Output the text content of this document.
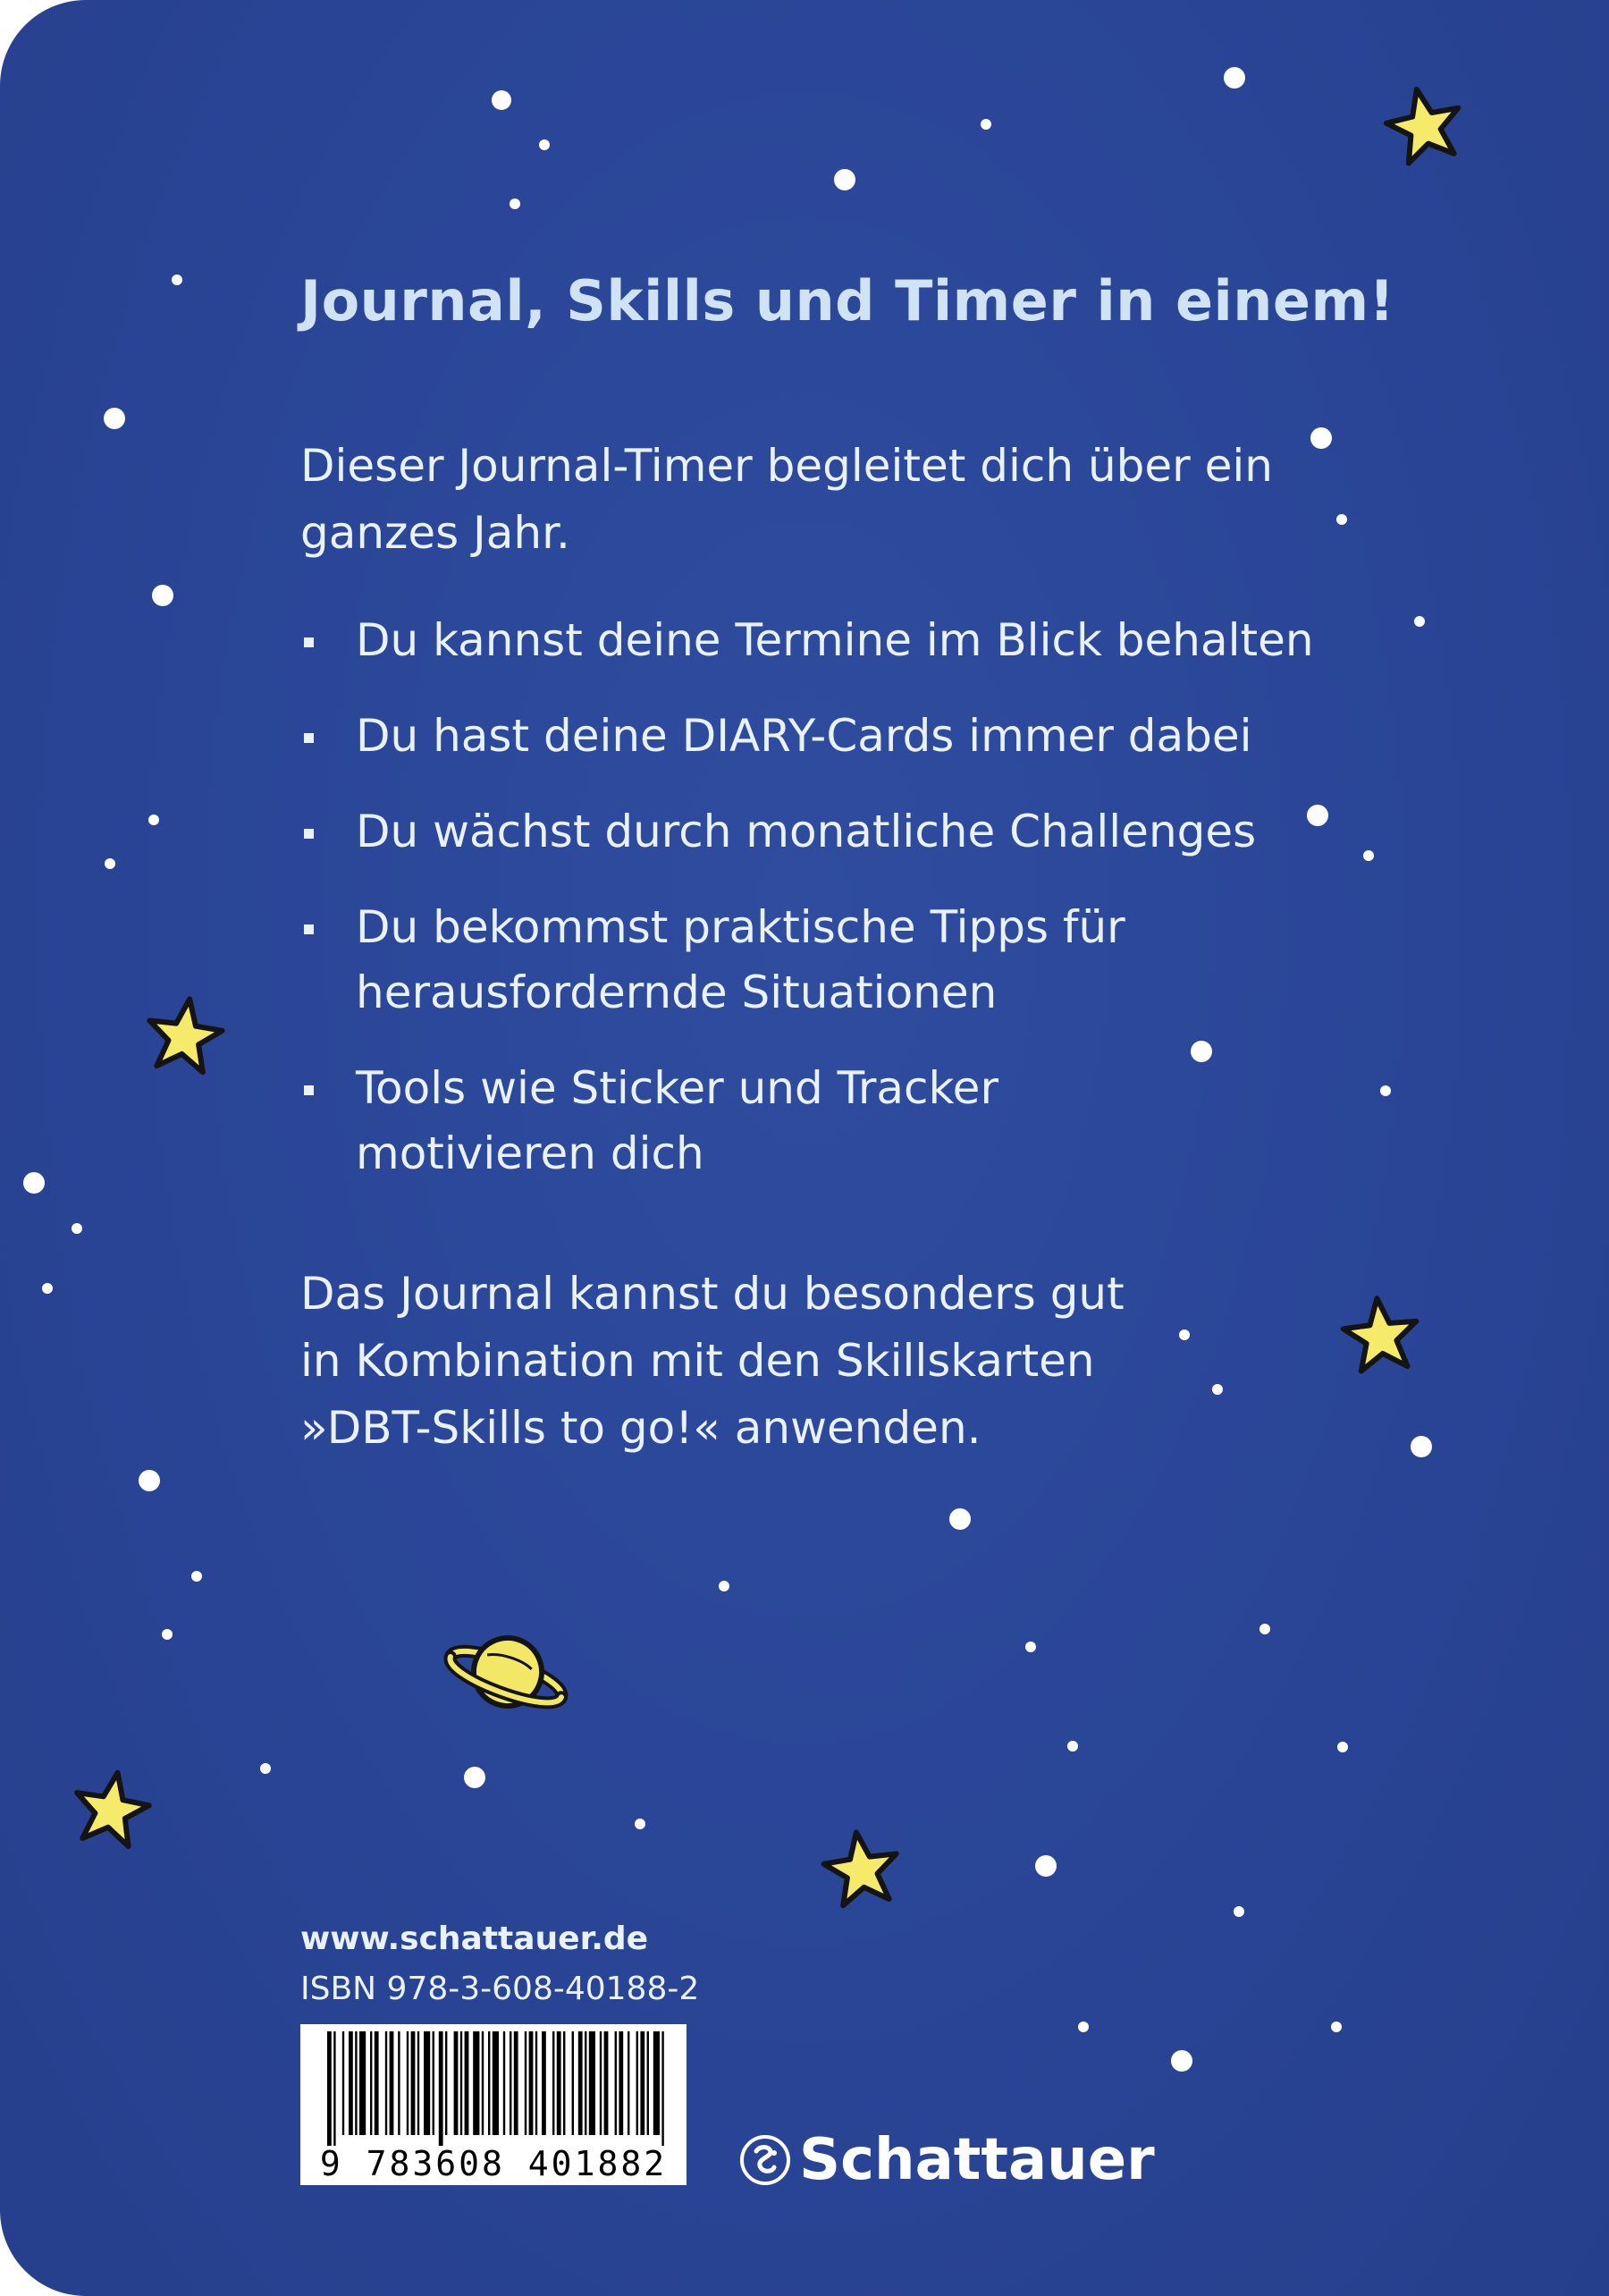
Journal, Skills und Timer in einem!

Dieser Journal-Timer begleitet dich über ein ganzes Jahr.

Du kannst deine Termine im Blick behalten
Du hast deine DIARY-Cards immer dabei
Du wächst durch monatliche Challenges
Du bekommst praktische Tipps für herausfordernde Situationen
Tools wie Sticker und Tracker motivieren dich

Das Journal kannst du besonders gut in Kombination mit den Skillskarten »DBT-Skills to go!« anwenden.

www.schattauer.de
ISBN 978-3-608-40188-2
9 783608 401882	Schattauer
